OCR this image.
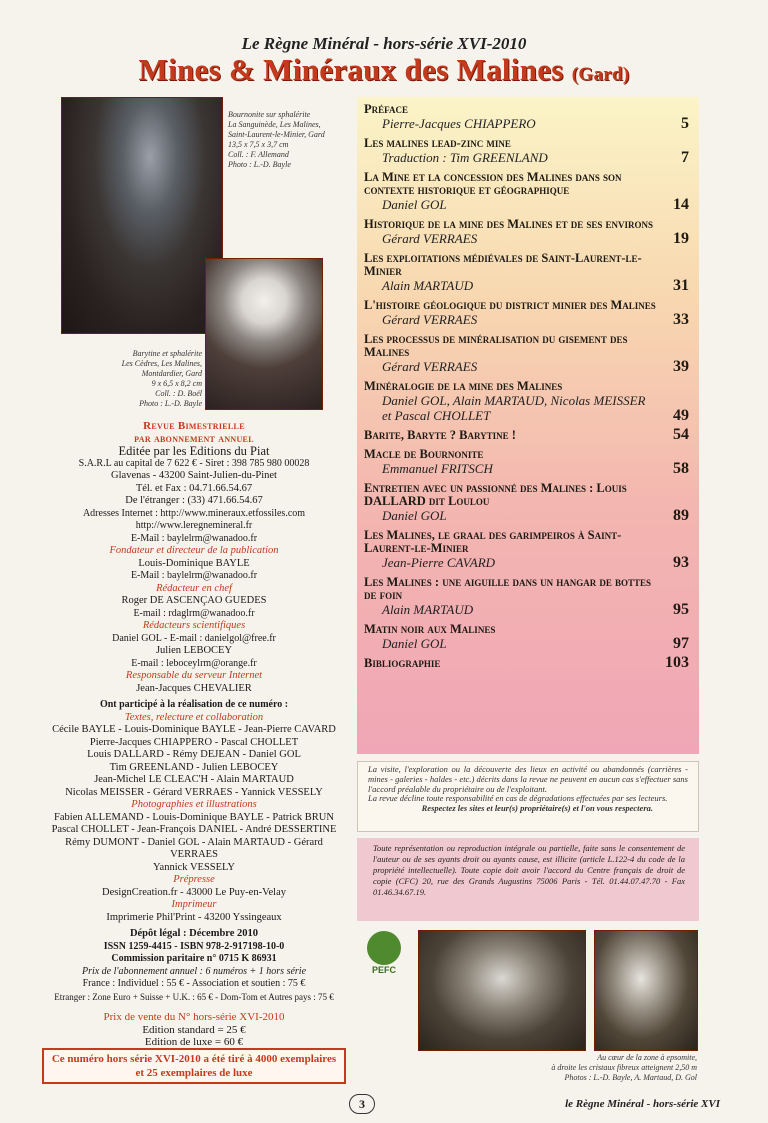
Le Règne Minéral - hors-série XVI-2010
Mines & Minéraux des Malines (Gard)
Bournonite sur sphalérite
La Sanguinède, Les Malines,
Saint-Laurent-le-Minier, Gard
13,5 x 7,5 x 3,7 cm
Coll. : F. Allemand
Photo : L.-D. Bayle
Barytine et sphalérite
Les Cèdres, Les Malines,
Montdardier, Gard
9 x 6,5 x 8,2 cm
Coll. : D. Boël
Photo : L.-D. Bayle
Revue Bimestrielle
par abonnement annuel
Editée par les Editions du Piat
S.A.R.L au capital de 7 622 € - Siret : 398 785 980 00028
Glavenas - 43200 Saint-Julien-du-Pinet
Tél. et Fax : 04.71.66.54.67
De l'étranger : (33) 471.66.54.67
Adresses Internet : http://www.mineraux.etfossiles.com
http://www.leregnemineral.fr
E-Mail : baylelrm@wanadoo.fr
Fondateur et directeur de la publication
Louis-Dominique BAYLE
E-Mail : baylelrm@wanadoo.fr
Rédacteur en chef
Roger DE ASCENÇAO GUEDES
E-mail : rdaglrm@wanadoo.fr
Rédacteurs scientifiques
Daniel GOL - E-mail : danielgol@free.fr
Julien LEBOCEY
E-mail : leboceylrm@orange.fr
Responsable du serveur Internet
Jean-Jacques CHEVALIER
Ont participé à la réalisation de ce numéro :
Textes, relecture et collaboration
Cécile BAYLE - Louis-Dominique BAYLE - Jean-Pierre CAVARD
Pierre-Jacques CHIAPPERO - Pascal CHOLLET
Louis DALLARD - Rémy DEJEAN - Daniel GOL
Tim GREENLAND - Julien LEBOCEY
Jean-Michel LE CLEAC'H - Alain MARTAUD
Nicolas MEISSER - Gérard VERRAES - Yannick VESSELY
Photographies et illustrations
Fabien ALLEMAND - Louis-Dominique BAYLE - Patrick BRUN
Pascal CHOLLET - Jean-François DANIEL - André DESSERTINE
Rémy DUMONT - Daniel GOL - Alain MARTAUD - Gérard VERRAES
Yannick VESSELY
Prépresse
DesignCreation.fr - 43000 Le Puy-en-Velay
Imprimeur
Imprimerie Phil'Print - 43200 Yssingeaux
Dépôt légal : Décembre 2010
ISSN 1259-4415 - ISBN 978-2-917198-10-0
Commission paritaire n° 0715 K 86931
Prix de l'abonnement annuel : 6 numéros + 1 hors série
France : Individuel : 55 € - Association et soutien : 75 €
Etranger : Zone Euro + Suisse + U.K. : 65 € - Dom-Tom et Autres pays : 75 €
Prix de vente du N° hors-série XVI-2010
Edition standard = 25 €
Edition de luxe = 60 €
Ce numéro hors série XVI-2010 a été tiré à 4000 exemplaires et 25 exemplaires de luxe
Préface
Pierre-Jacques CHIAPPERO	5
Les malines lead-zinc mine
Traduction : Tim GREENLAND	7
La Mine et la concession des Malines dans son contexte historique et géographique
Daniel GOL	14
Historique de la mine des Malines et de ses environs
Gérard VERRAES	19
Les exploitations médiévales de Saint-Laurent-le-Minier
Alain MARTAUD	31
L'histoire géologique du district minier des Malines
Gérard VERRAES	33
Les processus de minéralisation du gisement des Malines
Gérard VERRAES	39
Minéralogie de la mine des Malines
Daniel GOL, Alain MARTAUD, Nicolas MEISSER et Pascal CHOLLET	49
Barite, Baryte ? Barytine !	54
Macle de Bournonite
Emmanuel FRITSCH	58
Entretien avec un passionné des Malines : Louis DALLARD dit Loulou
Daniel GOL	89
Les Malines, le graal des garimpeiros à Saint-Laurent-le-Minier
Jean-Pierre CAVARD	93
Les Malines : une aiguille dans un hangar de bottes de foin
Alain MARTAUD	95
Matin noir aux Malines
Daniel GOL	97
Bibliographie	103
La visite, l'exploration ou la découverte des lieux en activité ou abandonnés (carrières - mines - galeries - haldes - etc.) décrits dans la revue ne peuvent en aucun cas s'effectuer sans l'accord préalable du propriétaire ou de l'exploitant.
La revue décline toute responsabilité en cas de dégradations effectuées par ses lecteurs.
Respectez les sites et leur(s) propriétaire(s) et l'on vous respectera.
Toute représentation ou reproduction intégrale ou partielle, faite sans le consentement de l'auteur ou de ses ayants droit ou ayants cause, est illicite (article L.122-4 du code de la propriété intellectuelle). Toute copie doit avoir l'accord du Centre français de droit de copie (CFC) 20, rue des Grands Augustins 75006 Paris - Tél. 01.44.07.47.70 - Fax 01.46.34.67.19.
PEFC
Au cœur de la zone à epsomite,
à droite les cristaux fibreux atteignent 2,50 m
Photos : L.-D. Bayle, A. Martaud, D. Gol
3	le Règne Minéral - hors-série XVI
